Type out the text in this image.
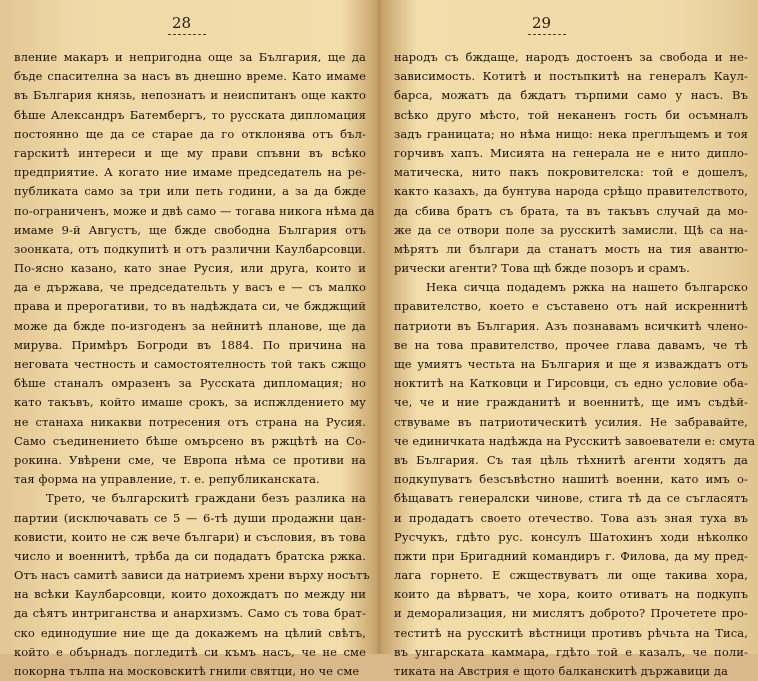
28
вление макаръ и непригодна още за България, ще да
бъде спасителна за насъ въ днешно време. Като имаме
въ България князь, непознатъ и неиспитанъ още както
бѣше Александръ Батембергъ, то русската дипломация
постоянно ще да се старае да го отклонява отъ бъл-
гарскитѣ интереси и ще му прави спъвни въ всѣко
предприятие. А когато ние имаме председатель на ре-
публиката само за три или петь години, а за да бжде
по-ограниченъ, може и двѣ само — тогава никога нѣма да
имаме 9-й Августъ, ще бжде свободна България отъ
зоонката, отъ подкупитѣ и отъ различни Каулбарсовци.
По-ясно казано, като знае Русия, или друга, които и
да е държава, че председательть у васъ е — съ малко
права и прерогативи, то въ надѣждата си, че бжджщий
може да бжде по-изгоденъ за нейнитѣ планове, ще да
мирува. Примѣръ Богроди въ 1884. По причина на
неговата честность и самостоятелность той такъ сжщо
бѣше станалъ омразенъ за Русската дипломация; но
като такъвъ, който имаше срокъ, за испжлдението му
не станаха никакви потресения отъ страна на Русия.
Само съединението бѣше омърсено въ ржцѣтѣ на Со-
рокина. Увѣрени сме, че Европа нѣма се противи на
тая форма на управление, т. е. републиканската.
Трето, че българскитѣ граждани безъ разлика на
партии (исключавать се 5 — 6-тѣ души продажни цан-
ковисти, които не сж вече българи) и съсловия, въ това
число и военнитѣ, трѣба да си подадатъ братска ржка.
Отъ насъ самитѣ зависи да натриемъ хрени върху носътъ
на всѣки Каулбарсовци, които дохождатъ по между ни
да сѣятъ интриганства и анархизмъ. Само съ това брат-
ско единодушие ние ще да докажемъ на цѣлий свѣтъ,
който е обърнадъ погледитѣ си къмъ насъ, че не сме
покорна тълпа на московскитѣ гнили святци, но че сме
29
народъ съ бждаще, народъ достоенъ за свобода и не-
зависимость. Котитѣ и постьпкитѣ на генералъ Каул-
барса, можатъ да бждатъ търпими само у насъ. Въ
всѣко друго мѣсто, той неканенъ гость би осъмналъ
задъ границата; но нѣма нищо: нека преглъщемъ и тоя
горчивъ хапъ. Мисията на генерала не е нито дипло-
матическа, нито пакъ покровителска: той е дошелъ,
както казахъ, да бунтува народа срѣщо правителството,
да сбива братъ съ брата, та въ такъвъ случай да мо-
же да се отвори поле за русскитѣ замисли. Щѣ са на-
мѣрятъ ли българи да станатъ мость на тия авантю-
рически агенти? Това щѣ бжде позоръ и срамъ.
Нека сичца подадемъ ржка на нашето българско
правителство, което е съставено отъ най искреннитѣ
патриоти въ България. Азъ познавамъ всичкитѣ члено-
ве на това правителство, прочее глава давамъ, че тѣ
ще умиятъ честьта на България и ще я изваждатъ отъ
ноктитѣ на Катковци и Гирсовци, съ едно условие оба-
че, че и ние гражданитѣ и военнитѣ, ще имъ съдѣй-
ствуваме въ патриотическитѣ усилия. Не забравайте,
че единичката надѣжда на Русскитѣ завоеватели е: смута
въ България. Съ тая цѣль тѣхнитѣ агенти ходятъ да
подкупуватъ безсъвѣстно нашитѣ военни, като имъ о-
бѣщаватъ генералски чинове, стига тѣ да се съгласятъ
и продадатъ своето отечество. Това азъ зная туха въ
Русчукъ, гдѣто рус. консулъ Шатохинъ ходи нѣколко
пжти при Бригадний командиръ г. Филова, да му пред-
лага горнето. Е сжществуватъ ли още такива хора,
които да вѣрватъ, че хора, които отиватъ на подкупъ
и деморализация, ни мислятъ доброто? Прочетете про-
теститѣ на русскитѣ вѣстници противъ рѣчьта на Тиса,
въ унгарската каммара, гдѣто той е казалъ, че поли-
тиката на Австрия е щото балканскитѣ държавици да
